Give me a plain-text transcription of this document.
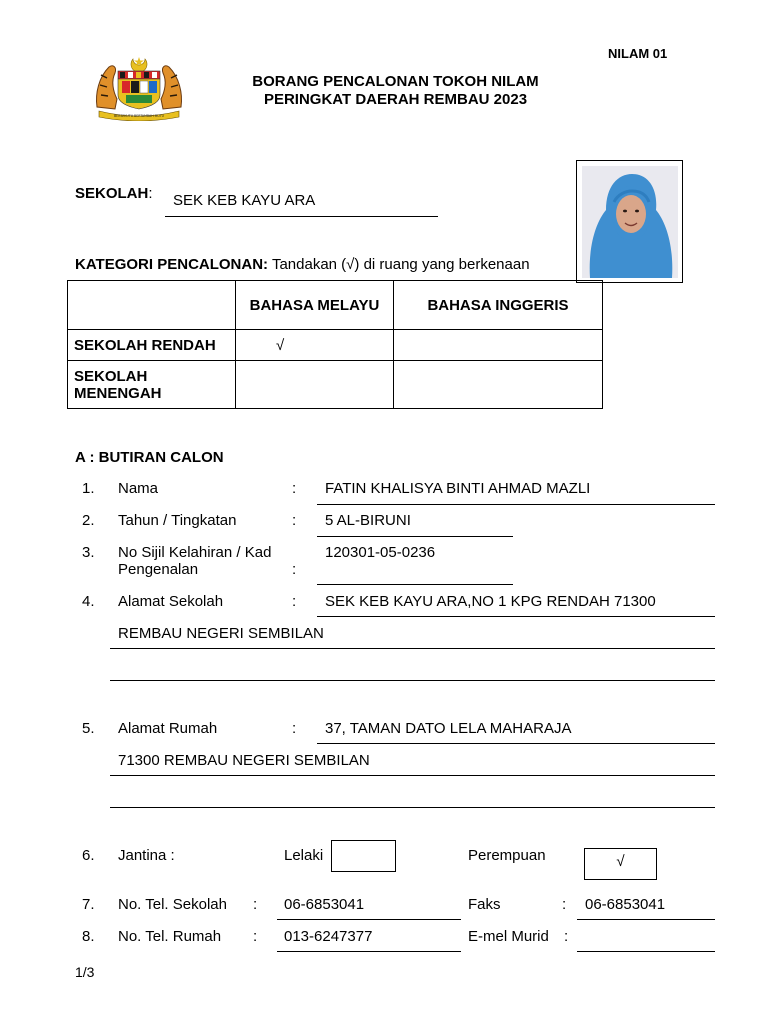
BERSEKUTU BERTAMBAH MUTU
NILAM 01
BORANG PENCALONAN TOKOH NILAM
PERINGKAT DAERAH REMBAU 2023
SEKOLAH: SEK KEB KAYU ARA
KATEGORI PENCALONAN: Tandakan (√) di ruang yang berkenaan
	BAHASA MELAYU	BAHASA INGGERIS
SEKOLAH RENDAH	√	
SEKOLAH MENENGAH		
A : BUTIRAN CALON
1. Nama	: FATIN KHALISYA BINTI AHMAD MAZLI
2. Tahun / Tingkatan	: 5 AL-BIRUNI
3. No Sijil Kelahiran / Kad
Pengenalan	:
120301-05-0236
4. Alamat Sekolah	: SEK KEB KAYU ARA,NO 1 KPG RENDAH 71300
REMBAU NEGERI SEMBILAN
5. Alamat Rumah	: 37, TAMAN DATO LELA MAHARAJA
71300 REMBAU NEGERI SEMBILAN
6. Jantina :	Lelaki	Perempuan	√
7. No. Tel. Sekolah : 06-6853041	Faks	: 06-6853041
8. No. Tel. Rumah : 013-6247377	E-mel Murid :
1/3
